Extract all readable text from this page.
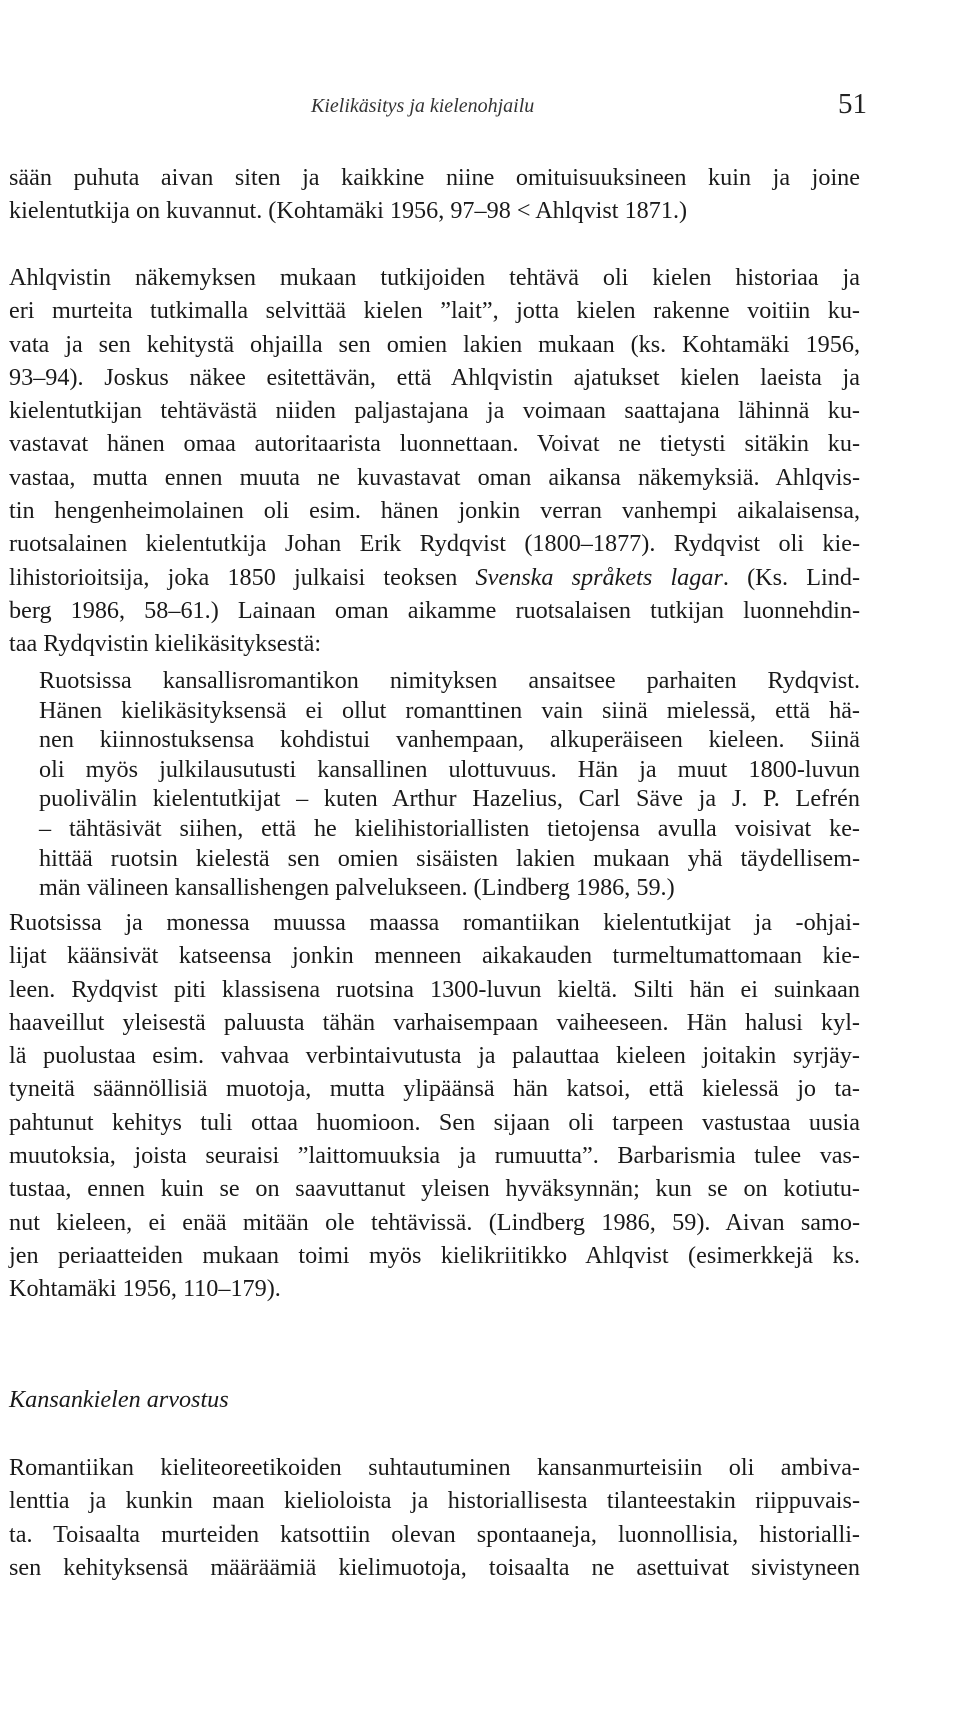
Kielikäsitys ja kielenohjailu	51
sään puhuta aivan siten ja kaikkine niine omituisuuksineen kuin ja joine
kielentutkija on kuvannut. (Kohtamäki 1956, 97–98 < Ahlqvist 1871.)
Ahlqvistin näkemyksen mukaan tutkijoiden tehtävä oli kielen historiaa ja
eri murteita tutkimalla selvittää kielen ”lait”, jotta kielen rakenne voitiin ku-
vata ja sen kehitystä ohjailla sen omien lakien mukaan (ks. Kohtamäki 1956,
93–94). Joskus näkee esitettävän, että Ahlqvistin ajatukset kielen laeista ja
kielentutkijan tehtävästä niiden paljastajana ja voimaan saattajana lähinnä ku-
vastavat hänen omaa autoritaarista luonnettaan. Voivat ne tietysti sitäkin ku-
vastaa, mutta ennen muuta ne kuvastavat oman aikansa näkemyksiä. Ahlqvis-
tin hengenheimolainen oli esim. hänen jonkin verran vanhempi aikalaisensa,
ruotsalainen kielentutkija Johan Erik Rydqvist (1800–1877). Rydqvist oli kie-
lihistorioitsija, joka 1850 julkaisi teoksen Svenska språkets lagar. (Ks. Lind-
berg 1986, 58–61.) Lainaan oman aikamme ruotsalaisen tutkijan luonnehdin-
taa Rydqvistin kielikäsityksestä:
Ruotsissa kansallisromantikon nimityksen ansaitsee parhaiten Rydqvist.
Hänen kielikäsityksensä ei ollut romanttinen vain siinä mielessä, että hä-
nen kiinnostuksensa kohdistui vanhempaan, alkuperäiseen kieleen. Siinä
oli myös julkilausutusti kansallinen ulottuvuus. Hän ja muut 1800-luvun
puolivälin kielentutkijat – kuten Arthur Hazelius, Carl Säve ja J. P. Lefrén
– tähtäsivät siihen, että he kielihistoriallisten tietojensa avulla voisivat ke-
hittää ruotsin kielestä sen omien sisäisten lakien mukaan yhä täydellisem-
män välineen kansallishengen palvelukseen. (Lindberg 1986, 59.)
Ruotsissa ja monessa muussa maassa romantiikan kielentutkijat ja -ohjai-
lijat käänsivät katseensa jonkin menneen aikakauden turmeltumattomaan kie-
leen. Rydqvist piti klassisena ruotsina 1300-luvun kieltä. Silti hän ei suinkaan
haaveillut yleisestä paluusta tähän varhaisempaan vaiheeseen. Hän halusi kyl-
lä puolustaa esim. vahvaa verbintaivutusta ja palauttaa kieleen joitakin syrjäy-
tyneitä säännöllisiä muotoja, mutta ylipäänsä hän katsoi, että kielessä jo ta-
pahtunut kehitys tuli ottaa huomioon. Sen sijaan oli tarpeen vastustaa uusia
muutoksia, joista seuraisi ”laittomuuksia ja rumuutta”. Barbarismia tulee vas-
tustaa, ennen kuin se on saavuttanut yleisen hyväksynnän; kun se on kotiutu-
nut kieleen, ei enää mitään ole tehtävissä. (Lindberg 1986, 59). Aivan samo-
jen periaatteiden mukaan toimi myös kielikriitikko Ahlqvist (esimerkkejä ks.
Kohtamäki 1956, 110–179).
Kansankielen arvostus
Romantiikan kieliteoreetikoiden suhtautuminen kansanmurteisiin oli ambiva-
lenttia ja kunkin maan kielioloista ja historiallisesta tilanteestakin riippuvais-
ta. Toisaalta murteiden katsottiin olevan spontaaneja, luonnollisia, historialli-
sen kehityksensä määräämiä kielimuotoja, toisaalta ne asettuivat sivistyneen
